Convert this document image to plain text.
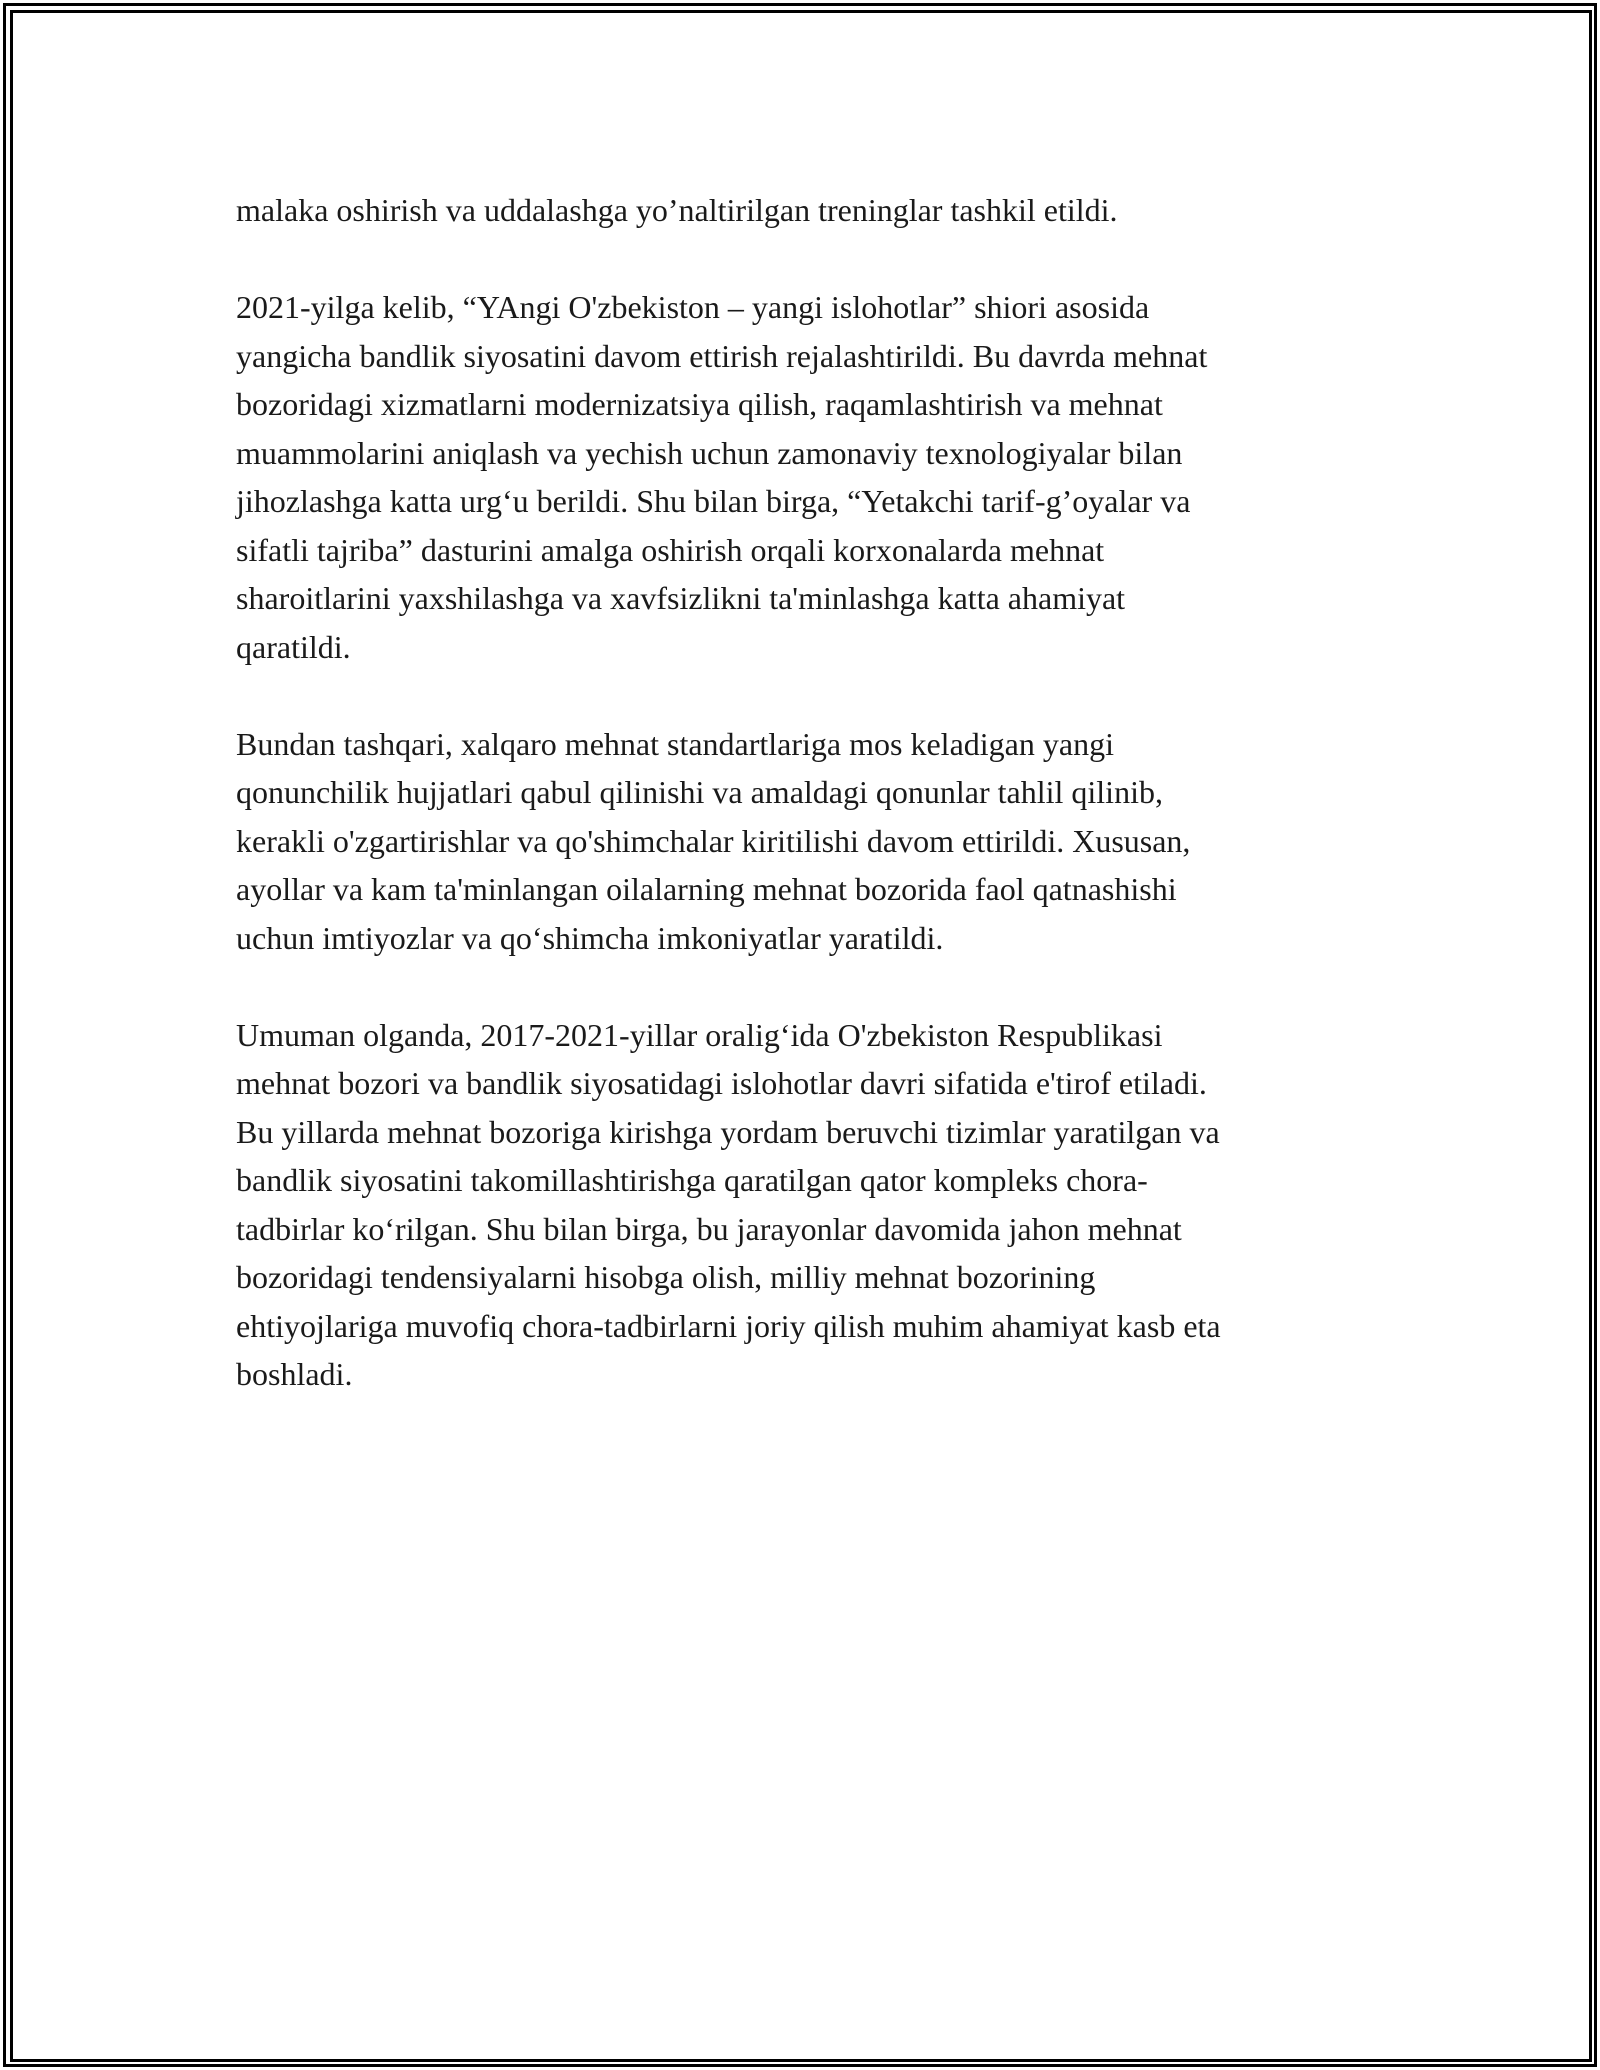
malaka oshirish va uddalashga yo’naltirilgan treninglar tashkil etildi.

2021-yilga kelib, “YAngi O'zbekiston – yangi islohotlar” shiori asosida
yangicha bandlik siyosatini davom ettirish rejalashtirildi. Bu davrda mehnat
bozoridagi xizmatlarni modernizatsiya qilish, raqamlashtirish va mehnat
muammolarini aniqlash va yechish uchun zamonaviy texnologiyalar bilan
jihozlashga katta urg‘u berildi. Shu bilan birga, “Yetakchi tarif-g’oyalar va
sifatli tajriba” dasturini amalga oshirish orqali korxonalarda mehnat
sharoitlarini yaxshilashga va xavfsizlikni ta'minlashga katta ahamiyat
qaratildi.

Bundan tashqari, xalqaro mehnat standartlariga mos keladigan yangi
qonunchilik hujjatlari qabul qilinishi va amaldagi qonunlar tahlil qilinib,
kerakli o'zgartirishlar va qo'shimchalar kiritilishi davom ettirildi. Xususan,
ayollar va kam ta'minlangan oilalarning mehnat bozorida faol qatnashishi
uchun imtiyozlar va qo‘shimcha imkoniyatlar yaratildi.

Umuman olganda, 2017-2021-yillar oralig‘ida O'zbekiston Respublikasi
mehnat bozori va bandlik siyosatidagi islohotlar davri sifatida e'tirof etiladi.
Bu yillarda mehnat bozoriga kirishga yordam beruvchi tizimlar yaratilgan va
bandlik siyosatini takomillashtirishga qaratilgan qator kompleks chora-
tadbirlar ko‘rilgan. Shu bilan birga, bu jarayonlar davomida jahon mehnat
bozoridagi tendensiyalarni hisobga olish, milliy mehnat bozorining
ehtiyojlariga muvofiq chora-tadbirlarni joriy qilish muhim ahamiyat kasb eta
boshladi.
